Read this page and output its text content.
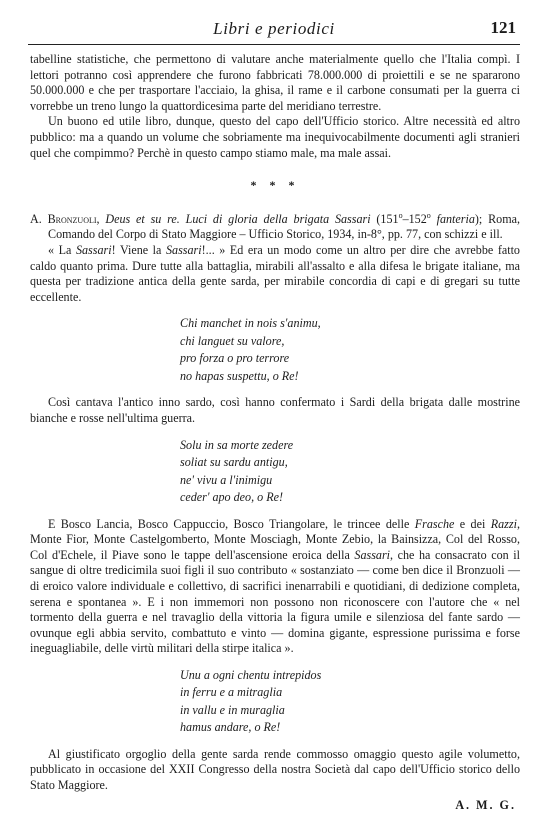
Libri e periodici	121

tabelline statistiche, che permettono di valutare anche materialmente quello che l'Italia compì. I lettori potranno così apprendere che furono fabbricati 78.000.000 di proiettili e se ne spararono 50.000.000 e che per trasportare l'acciaio, la ghisa, il rame e il carbone consumati per la guerra ci vorrebbe un treno lungo la quattordicesima parte del meridiano terrestre.

Un buono ed utile libro, dunque, questo del capo dell'Ufficio storico. Altre necessità ed altro pubblico: ma a quando un volume che sobriamente ma inequivocabilmente documenti agli stranieri quel che compimmo? Perchè in questo campo stiamo male, ma male assai.

* * *

A. Bronzuoli, Deus et su re. Luci di gloria della brigata Sassari (151$^o$–152$^o$ fanteria); Roma, Comando del Corpo di Stato Maggiore – Ufficio Storico, 1934, in-8°, pp. 77, con schizzi e ill.

« La Sassari! Viene la Sassari!... » Ed era un modo come un altro per dire che avrebbe fatto caldo quanto prima. Dure tutte alla battaglia, mirabili all'assalto e alla difesa le brigate italiane, ma questa per tradizione antica della gente sarda, per mirabile concordia di capi e di gregari su tutte eccellente.

Chi manchet in nois s'animu,
chi languet su valore,
pro forza o pro terrore
no hapas suspettu, o Re!

Così cantava l'antico inno sardo, così hanno confermato i Sardi della brigata dalle mostrine bianche e rosse nell'ultima guerra.

Solu in sa morte zedere
soliat su sardu antigu,
ne' vivu a l'inimigu
ceder' apo deo, o Re!

E Bosco Lancia, Bosco Cappuccio, Bosco Triangolare, le trincee delle Frasche e dei Razzi, Monte Fior, Monte Castelgomberto, Monte Mosciagh, Monte Zebio, la Bainsizza, Col del Rosso, Col d'Echele, il Piave sono le tappe dell'ascensione eroica della Sassari, che ha consacrato con il sangue di oltre tredicimila suoi figli il suo contributo « sostanziato — come ben dice il Bronzuoli — di eroico valore individuale e collettivo, di sacrifici inenarrabili e quotidiani, di dedizione completa, serena e spontanea ». E i non immemori non possono non riconoscere con l'autore che « nel tormento della guerra e nel travaglio della vittoria la figura umile e silenziosa del fante sardo — ovunque egli abbia servito, combattuto e vinto — domina gigante, espressione purissima e forse ineguagliabile, delle virtù militari della stirpe italica ».

Unu a ogni chentu intrepidos
in ferru e a mitraglia
in vallu e in muraglia
hamus andare, o Re!

Al giustificato orgoglio della gente sarda rende commosso omaggio questo agile volumetto, pubblicato in occasione del XXII Congresso della nostra Società dal capo dell'Ufficio storico dello Stato Maggiore.

A. M. G.
